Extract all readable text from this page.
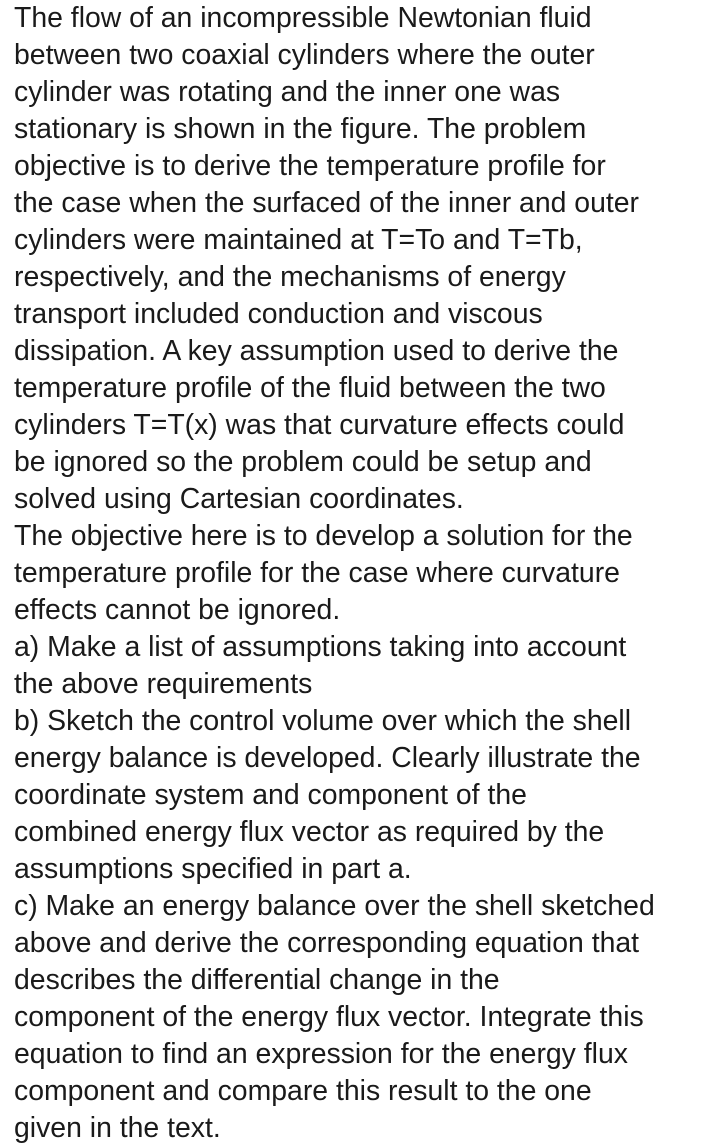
The flow of an incompressible Newtonian fluid
between two coaxial cylinders where the outer
cylinder was rotating and the inner one was
stationary is shown in the figure. The problem
objective is to derive the temperature profile for
the case when the surfaced of the inner and outer
cylinders were maintained at T=To and T=Tb,
respectively, and the mechanisms of energy
transport included conduction and viscous
dissipation. A key assumption used to derive the
temperature profile of the fluid between the two
cylinders T=T(x) was that curvature effects could
be ignored so the problem could be setup and
solved using Cartesian coordinates.
The objective here is to develop a solution for the
temperature profile for the case where curvature
effects cannot be ignored.
a) Make a list of assumptions taking into account
the above requirements
b) Sketch the control volume over which the shell
energy balance is developed. Clearly illustrate the
coordinate system and component of the
combined energy flux vector as required by the
assumptions specified in part a.
c) Make an energy balance over the shell sketched
above and derive the corresponding equation that
describes the differential change in the
component of the energy flux vector. Integrate this
equation to find an expression for the energy flux
component and compare this result to the one
given in the text.
